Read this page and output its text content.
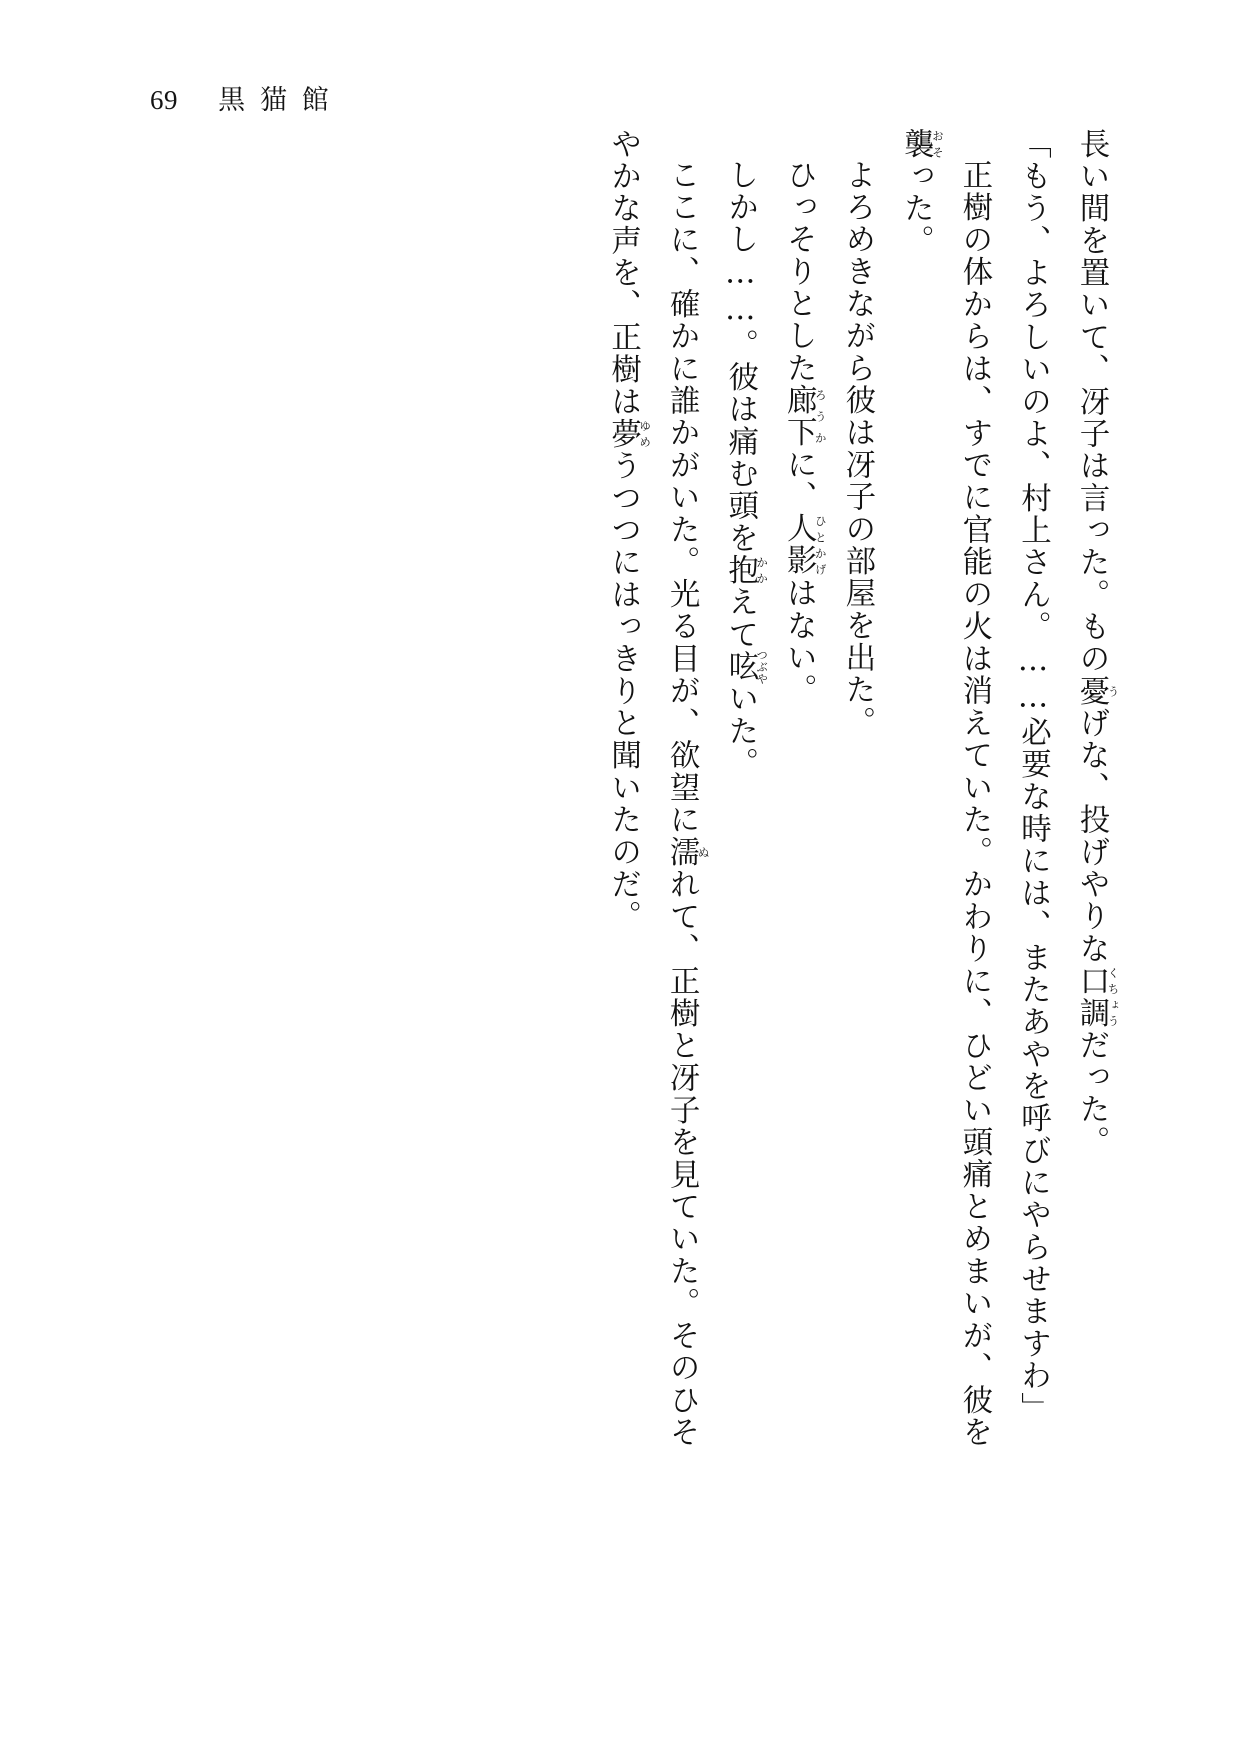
69 黒猫館

長い間を置いて、冴子は言った。もの憂うげな、投げやりな口調くちょうだった。

「もう、よろしいのよ、村上さん。……必要な時には、またあやを呼びにやらせますわ」

正樹の体からは、すでに官能の火は消えていた。かわりに、ひどい頭痛とめまいが、彼を襲おそった。

よろめきながら彼は冴子の部屋を出た。

ひっそりとした廊下ろうかに、人影ひとかげはない。

しかし……。彼は痛む頭を抱かかえて呟つぶやいた。

ここに、確かに誰かがいた。光る目が、欲望に濡ぬれて、正樹と冴子を見ていた。そのひそやかな声を、正樹は夢ゆめうつつにはっきりと聞いたのだ。
